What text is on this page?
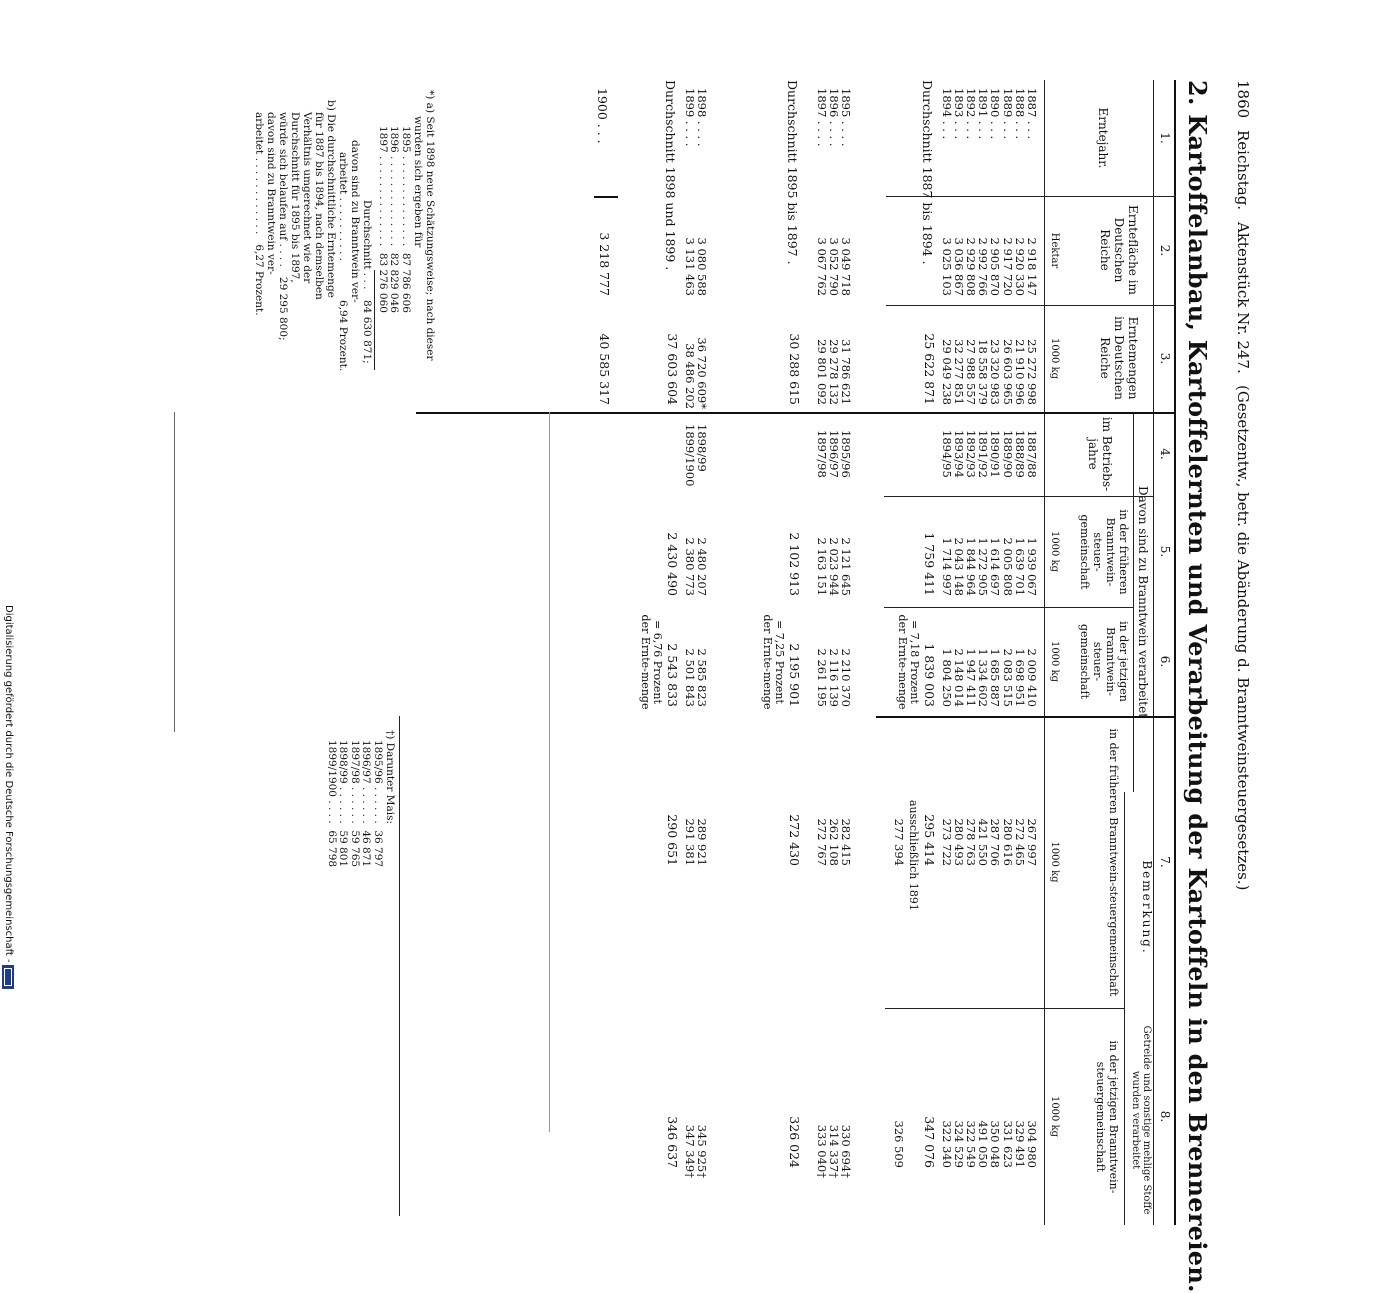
Digitalisierung gefördert durch die Deutsche Forschungsgemeinschaft -
1860
Reichstag.
Aktenstück Nr. 247.
(Gesetzentw., betr. die Abänderung d. Branntweinsteuergesetzes.)
2. Kartoffelanbau, Kartoffelernten und Verarbeitung der Kartoffeln in den Brennereien.
1.
2.
3.
4.
5.
6.
7.
8.
Erntejahr.
Erntefläche im Deutschen Reiche
Hektar
Erntemengen im Deutschen Reiche
1000 kg
Davon sind zu Branntwein verarbeitet
im Betriebs-jahre
in der früheren Branntwein-steuer-gemeinschaft
1000 kg
in der jetzigen Branntwein-steuer-gemeinschaft
1000 kg
Bemerkung.
Getreide und sonstige mehlige Stoffe wurden verarbeitet
in der früheren Branntwein-steuergemeinschaft
1000 kg
in der jetzigen Branntwein-steuergemeinschaft
1000 kg
1887 . . .
1888 . . .
1889 . . .
1890 . . .
1891 . . .
1892 . . .
1893 . . .
1894 . . .
2 918 147
2 920 330
2 917 720
2 905 870
2 992 766
2 929 808
3 036 867
3 025 103
25 272 998
21 910 996
26 603 965
23 320 983
18 558 379
27 988 557
32 277 851
29 049 238
1887/88
1888/89
1889/90
1890/91
1891/92
1892/93
1893/94
1894/95
1 939 067
1 639 701
2 005 808
1 614 697
1 272 905
1 844 964
2 043 148
1 714 997
2 009 410
1 698 951
2 083 515
1 685 887
1 334 602
1 947 411
2 148 014
1 804 250
267 997
272 465
280 616
287 706
421 550
278 763
280 493
273 722
304 980
329 491
331 623
350 048
491 050
322 549
324 529
322 340
Durchschnitt 1887 bis 1894 .
25 622 871
1 759 411
1 839 003
= 7,18 Prozent der Ernte-menge
295 414
347 076
ausschließlich 1891
277 394
326 509
1895 . . . .
1896 . . . .
1897 . . . .
3 049 718
3 052 790
3 067 762
31 786 621
29 278 132
29 801 092
1895/96
1896/97
1897/98
2 121 645
2 023 944
2 163 151
2 210 370
2 116 139
2 261 195
282 415
262 108
272 767
330 694†
314 337†
333 040†
Durchschnitt 1895 bis 1897 .
30 288 615
2 102 913
2 195 901
= 7,25 Prozent der Ernte-menge
272 430
326 024
1898 . . . .
1899 . . . .
3 080 588
3 131 463
36 720 609*
38 486 202
1898/99
1899/1900
2 480 207
2 380 773
2 585 823
2 501 843
289 921
291 381
345 925†
347 349†
Durchschnitt 1898 und 1899 .
37 603 604
2 430 490
2 543 833
= 6,76 Prozent der Ernte-menge
290 651
346 637
1900 . . .
3 218 777
40 585 317
*) a) Seit 1898 neue Schätzungsweise; nach dieser
wurden sich ergeben für
1895 . . . . . . . . . . . . . .  87 786 606
1896 . . . . . . . . . . . . . .  82 829 046
1897 . . . . . . . . . . . . . .  83 276 060
Durchschnitt . . .
84 630 871;
davon sind zu Branntwein ver-
arbeitet . . . . . . . . . .
6,94 Prozent.
b) Die durchschnittliche Erntemenge
für 1887 bis 1894, nach demselben
†) Darunter Mais:
1895/96 . . . . . .  36 797
1896/97 . . . . . .  46 871
1897/98 . . . . . .  59 765
1898/99 . . . . . .  59 801
1899/1900 . . . .  65 798
Verhältnis umgerechnet wie der
Durchschnitt für 1895 bis 1897,
würde sich belaufen auf . . . .   29 295 800;
davon sind zu Branntwein ver-
arbeitet . . . . . . . . . . . .   6,27 Prozent.
